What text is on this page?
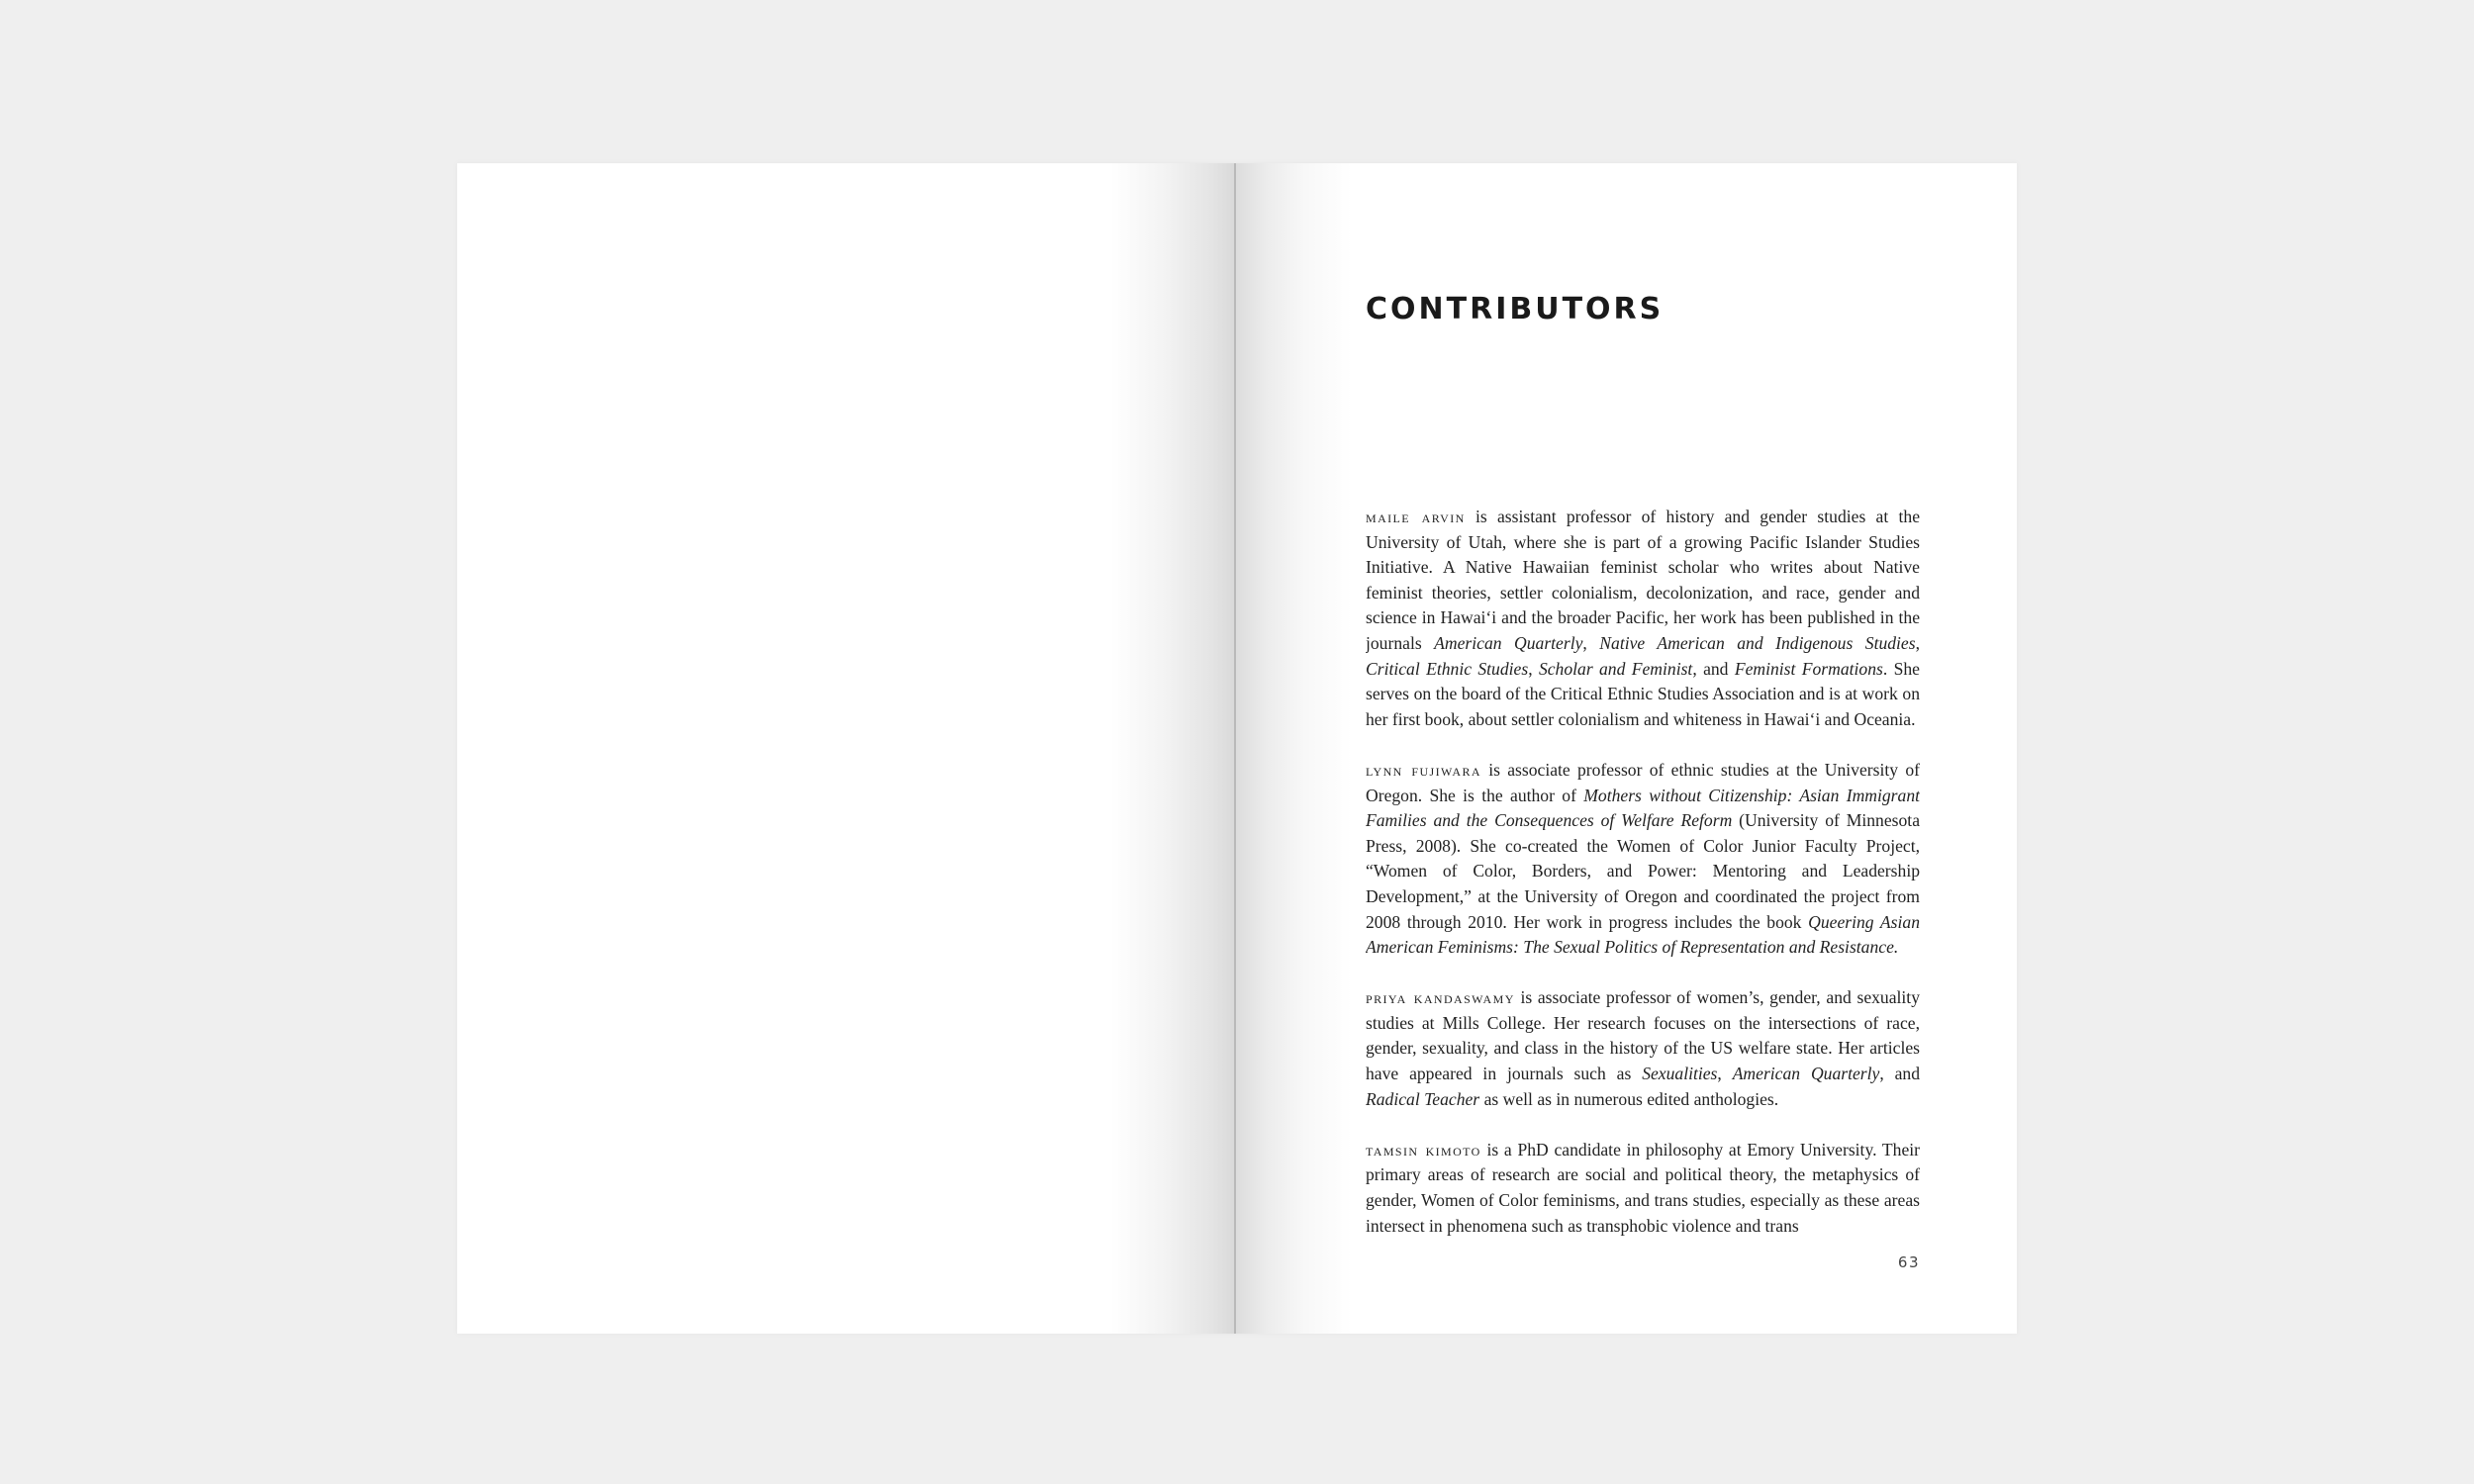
CONTRIBUTORS

maile arvin is assistant professor of history and gender studies at the University of Utah, where she is part of a growing Pacific Islander Studies Initiative. A Native Hawaiian feminist scholar who writes about Native feminist theories, settler colonialism, decolonization, and race, gender and science in Hawaiʻi and the broader Pacific, her work has been published in the journals American Quarterly, Native American and Indigenous Studies, Critical Ethnic Studies, Scholar and Feminist, and Feminist Formations. She serves on the board of the Critical Ethnic Studies Association and is at work on her first book, about settler colonialism and whiteness in Hawaiʻi and Oceania.

lynn fujiwara is associate professor of ethnic studies at the University of Oregon. She is the author of Mothers without Citizenship: Asian Immigrant Families and the Consequences of Welfare Reform (University of Minnesota Press, 2008). She co-created the Women of Color Junior Faculty Project, “Women of Color, Borders, and Power: Mentoring and Leadership Development,” at the University of Oregon and coordinated the project from 2008 through 2010. Her work in progress includes the book Queering Asian American Feminisms: The Sexual Politics of Representation and Resistance.

priya kandaswamy is associate professor of women’s, gender, and sexuality studies at Mills College. Her research focuses on the intersections of race, gender, sexuality, and class in the history of the US welfare state. Her articles have appeared in journals such as Sexualities, American Quarterly, and Radical Teacher as well as in numerous edited anthologies.

tamsin kimoto is a PhD candidate in philosophy at Emory University. Their primary areas of research are social and political theory, the metaphysics of gender, Women of Color feminisms, and trans studies, especially as these areas intersect in phenomena such as transphobic violence and trans

63
